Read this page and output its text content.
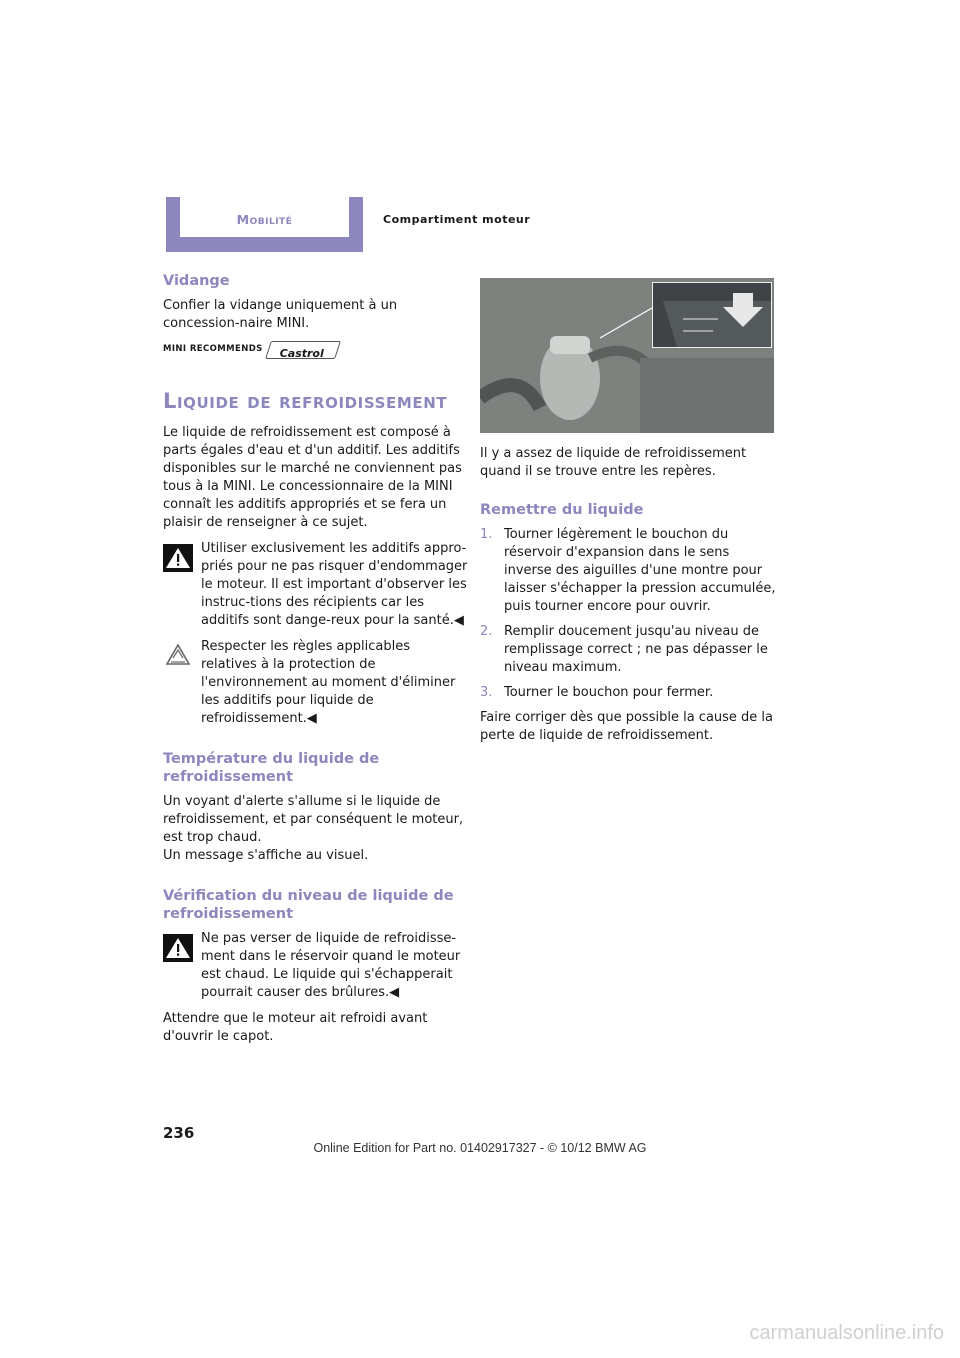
Mobilité	Compartiment moteur
Vidange

Confier la vidange uniquement à un concession-naire MINI.

MINI RECOMMENDS	Castrol
Liquide de refroidissement

Le liquide de refroidissement est composé à parts égales d'eau et d'un additif. Les additifs disponibles sur le marché ne conviennent pas tous à la MINI. Le concessionnaire de la MINI connaît les additifs appropriés et se fera un plaisir de renseigner à ce sujet.

Utiliser exclusivement les additifs appro-priés pour ne pas risquer d'endommager le moteur. Il est important d'observer les instruc-tions des récipients car les additifs sont dange-reux pour la santé.◀
Respecter les règles applicables relatives à la protection de l'environnement au moment d'éliminer les additifs pour liquide de refroidissement.◀
Température du liquide de refroidissement

Un voyant d'alerte s'allume si le liquide de refroidissement, et par conséquent le moteur, est trop chaud.

Un message s'affiche au visuel.

Vérification du niveau de liquide de refroidissement
Ne pas verser de liquide de refroidisse-ment dans le réservoir quand le moteur est chaud. Le liquide qui s'échapperait pourrait causer des brûlures.◀

Attendre que le moteur ait refroidi avant d'ouvrir le capot.

Il y a assez de liquide de refroidissement quand il se trouve entre les repères.

Remettre du liquide
1. Tourner légèrement le bouchon du réservoir d'expansion dans le sens inverse des aiguilles d'une montre pour laisser s'échapper la pression accumulée, puis tourner encore pour ouvrir.
2. Remplir doucement jusqu'au niveau de remplissage correct ; ne pas dépasser le niveau maximum.
3. Tourner le bouchon pour fermer.

Faire corriger dès que possible la cause de la perte de liquide de refroidissement.

236
Online Edition for Part no. 01402917327 - © 10/12 BMW AG
carmanualsonline.info
